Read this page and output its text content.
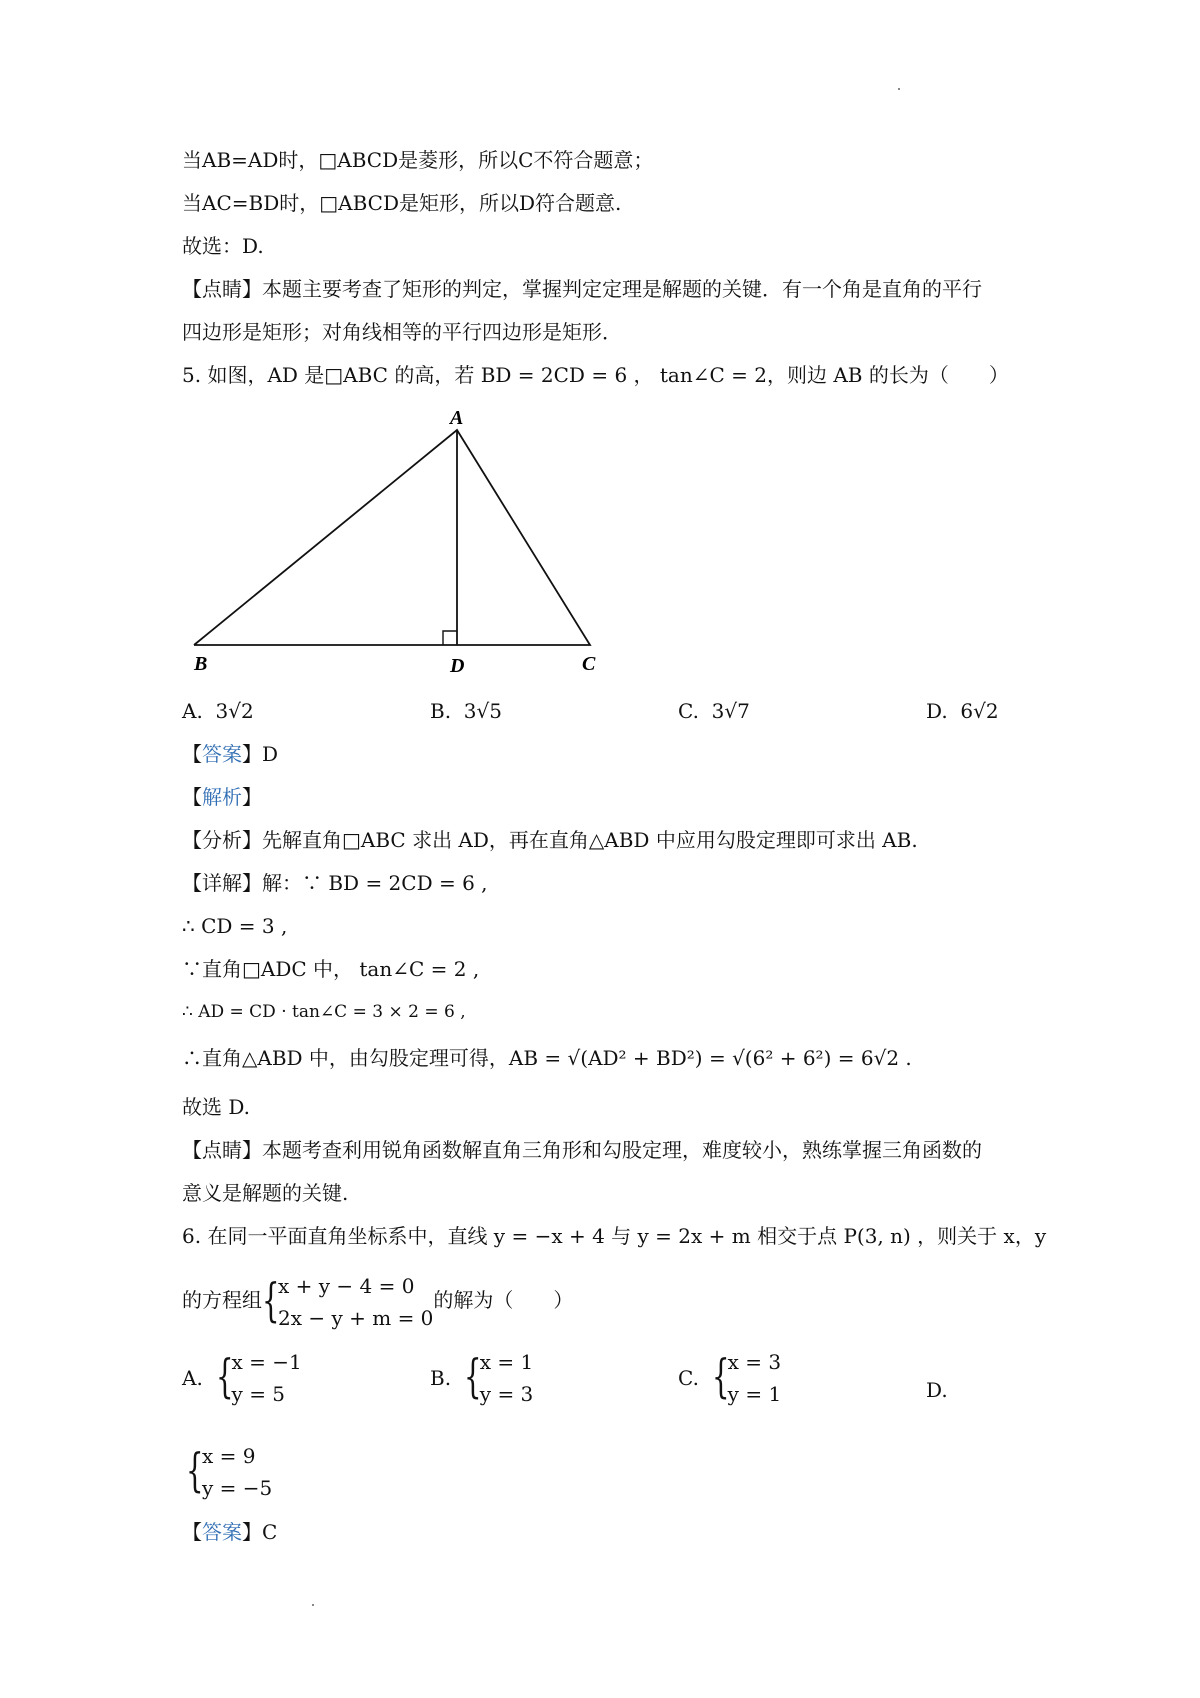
当AB=AD时，□ABCD是菱形，所以C不符合题意；
当AC=BD时，□ABCD是矩形，所以D符合题意.
故选：D.
【点睛】本题主要考查了矩形的判定，掌握判定定理是解题的关键．有一个角是直角的平行
四边形是矩形；对角线相等的平行四边形是矩形．
5. 如图，AD 是□ABC 的高，若 BD = 2CD = 6 ， tan∠C = 2，则边 AB 的长为（　　）
A
B	D	C
A. 3√2	B. 3√5	C. 3√7	D. 6√2
【答案】D
【解析】
【分析】先解直角□ABC 求出 AD，再在直角△ABD 中应用勾股定理即可求出 AB.
【详解】解：∵ BD = 2CD = 6 ,
∴ CD = 3 ,
∵直角□ADC 中， tan∠C = 2 ,
∴ AD = CD · tan∠C = 3 × 2 = 6 ,
∴直角△ABD 中，由勾股定理可得，AB = √(AD² + BD²) = √(6² + 6²) = 6√2 .
故选 D.
【点睛】本题考查利用锐角函数解直角三角形和勾股定理，难度较小，熟练掌握三角函数的
意义是解题的关键.
6. 在同一平面直角坐标系中，直线 y = −x + 4 与 y = 2x + m 相交于点 P(3, n) ，则关于 x，y
的方程组 {
x + y − 4 = 0
2x − y + m = 0
的解为（　　）
A. {
x = −1
y = 5
B. {
x = 1
y = 3
C. {
x = 3
y = 1	D.
{
x = 9
y = −5
【答案】C
